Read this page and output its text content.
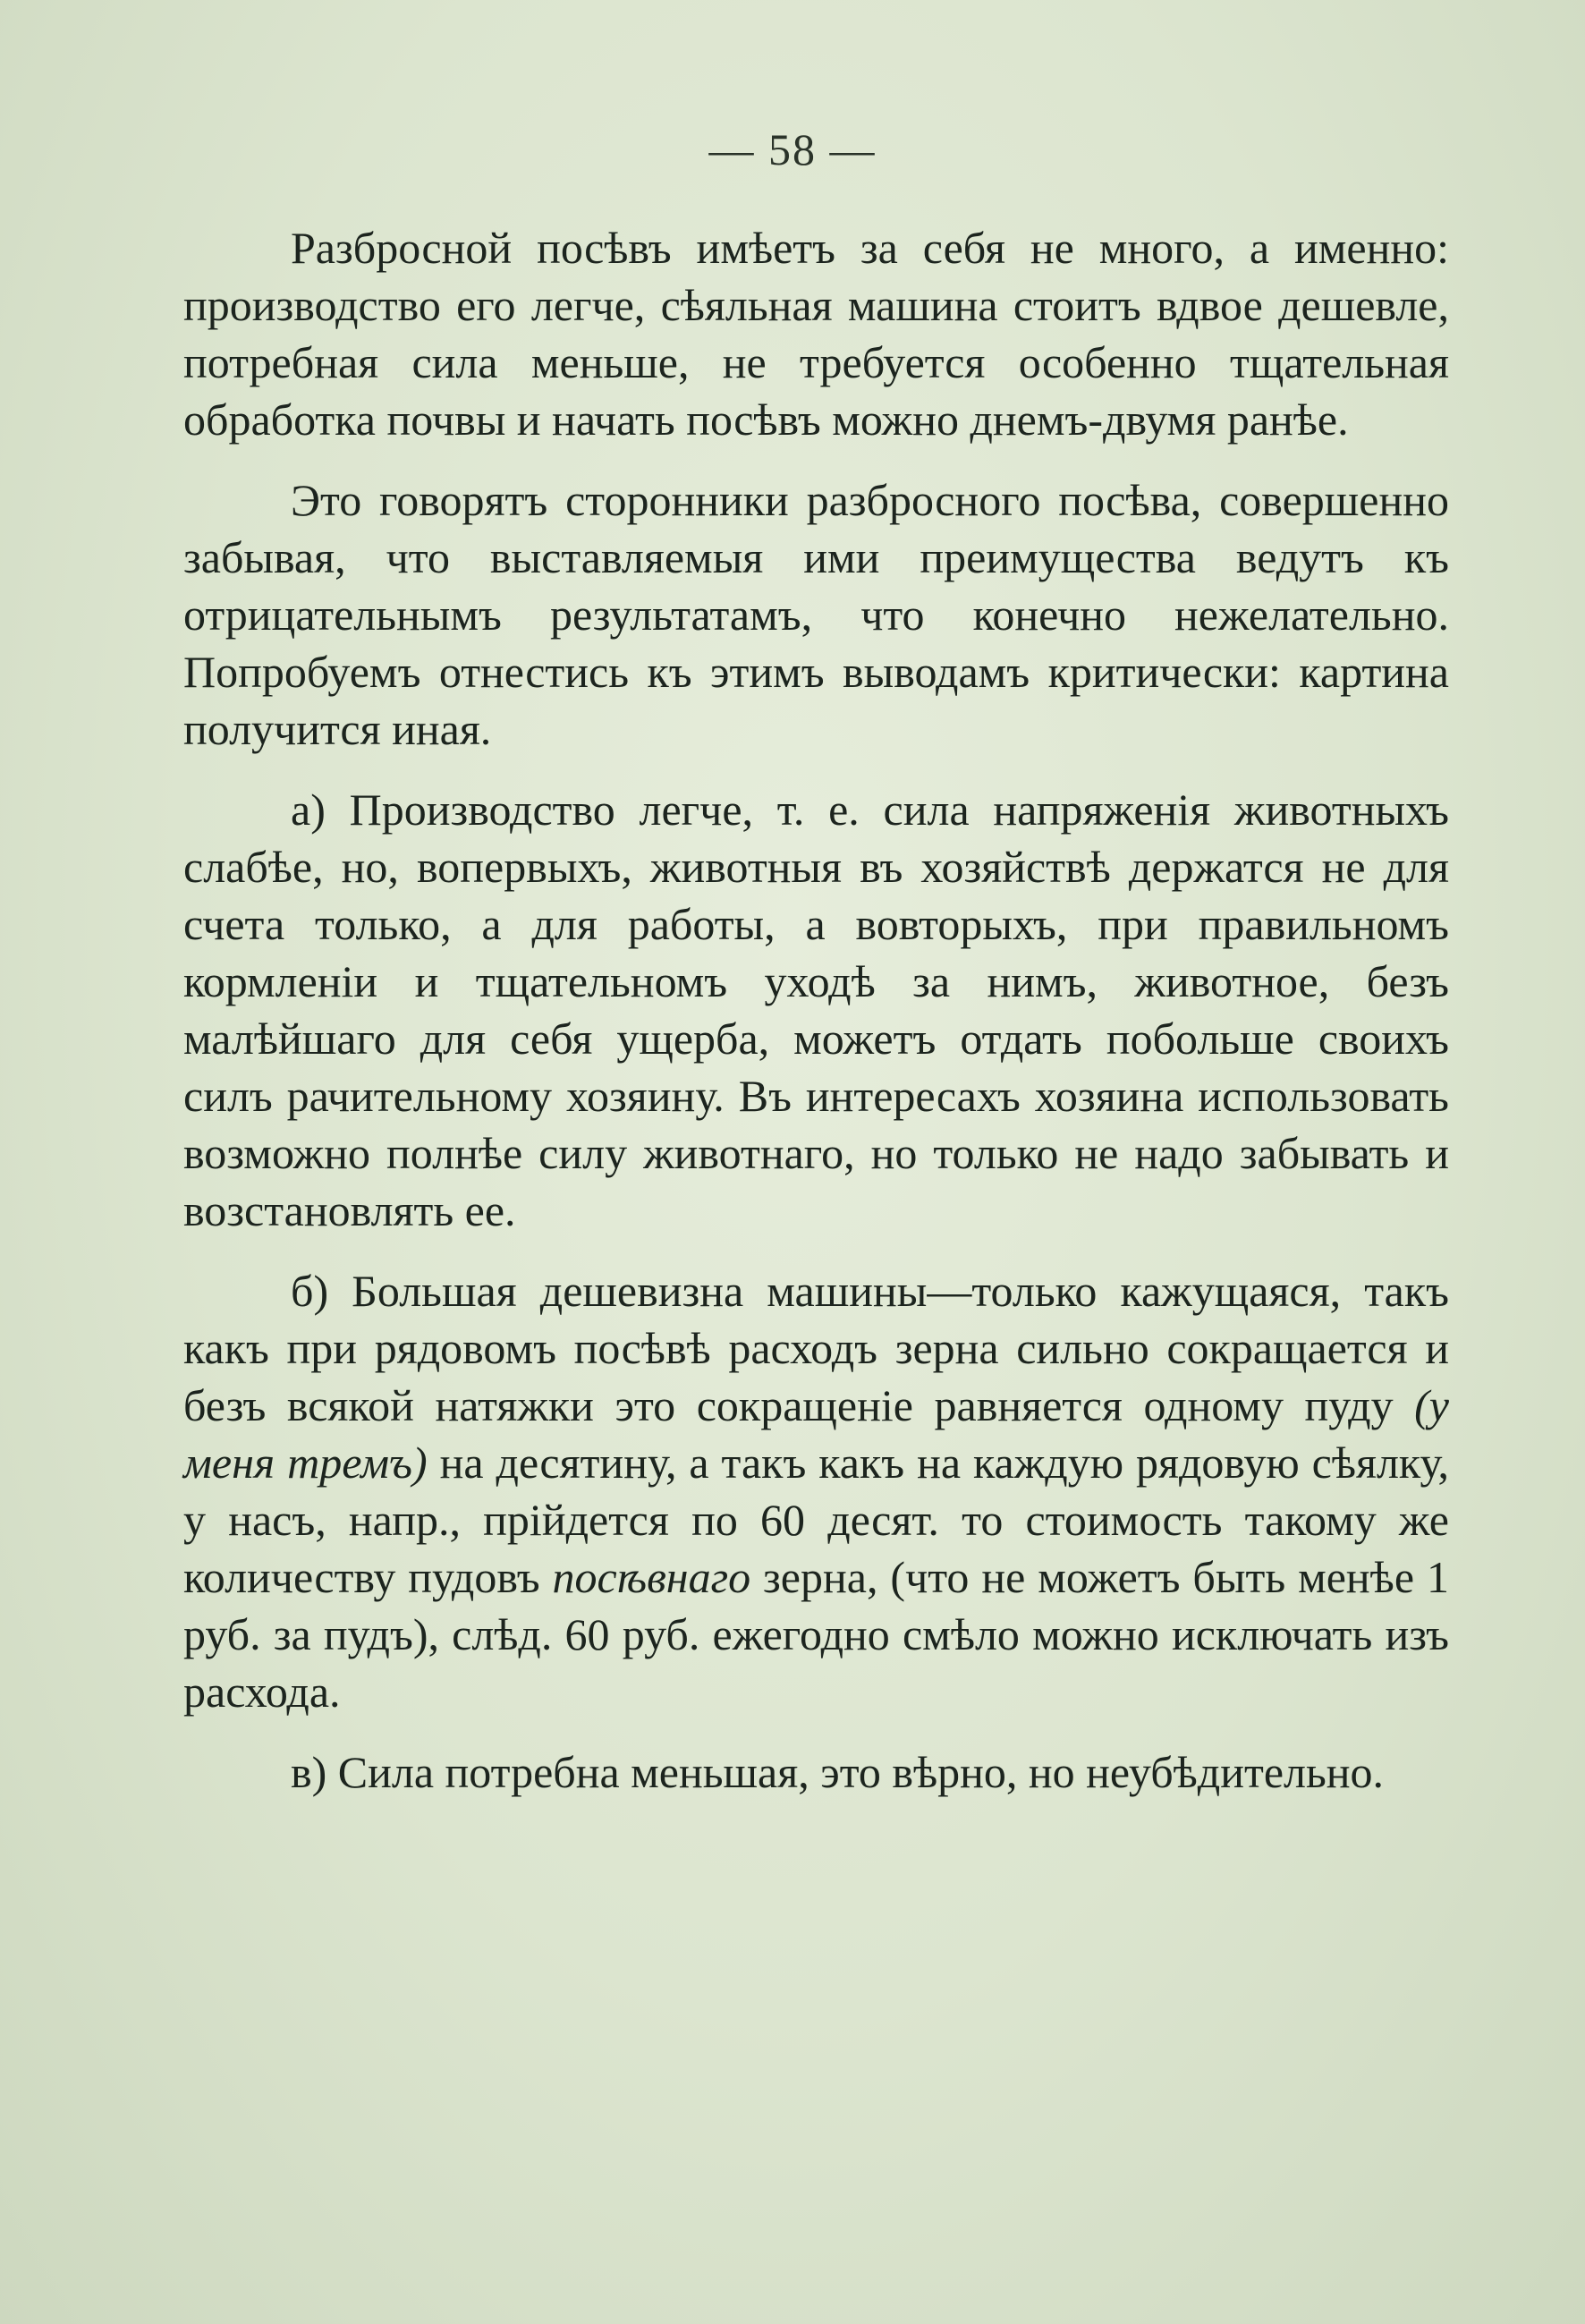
— 58 —

Разбросной посѣвъ имѣетъ за себя не много, а именно: производство его легче, сѣяльная машина стоитъ вдвое дешевле, потребная сила меньше, не требуется особенно тщательная обработка почвы и начать посѣвъ можно днемъ-двумя ранѣе.

Это говорятъ сторонники разбросного посѣва, совершенно забывая, что выставляемыя ими преимущества ведутъ къ отрицательнымъ результатамъ, что конечно нежелательно. Попробуемъ отнестись къ этимъ выводамъ критически: картина получится иная.

а) Производство легче, т. е. сила напряженія животныхъ слабѣе, но, вопервыхъ, животныя въ хозяйствѣ держатся не для счета только, а для работы, а вовторыхъ, при правильномъ кормленіи и тщательномъ уходѣ за нимъ, животное, безъ малѣйшаго для себя ущерба, можетъ отдать побольше своихъ силъ рачительному хозяину. Въ интересахъ хозяина использовать возможно полнѣе силу животнаго, но только не надо забывать и возстановлять ее.

б) Большая дешевизна машины—только кажущаяся, такъ какъ при рядовомъ посѣвѣ расходъ зерна сильно сокращается и безъ всякой натяжки это сокращеніе равняется одному пуду (у меня тремъ) на десятину, а такъ какъ на каждую рядовую сѣялку, у насъ, напр., прійдется по 60 десят. то стоимость такому же количеству пудовъ посѣвнаго зерна, (что не можетъ быть менѣе 1 руб. за пудъ), слѣд. 60 руб. ежегодно смѣло можно исключать изъ расхода.

в) Сила потребна меньшая, это вѣрно, но неубѣдительно.
